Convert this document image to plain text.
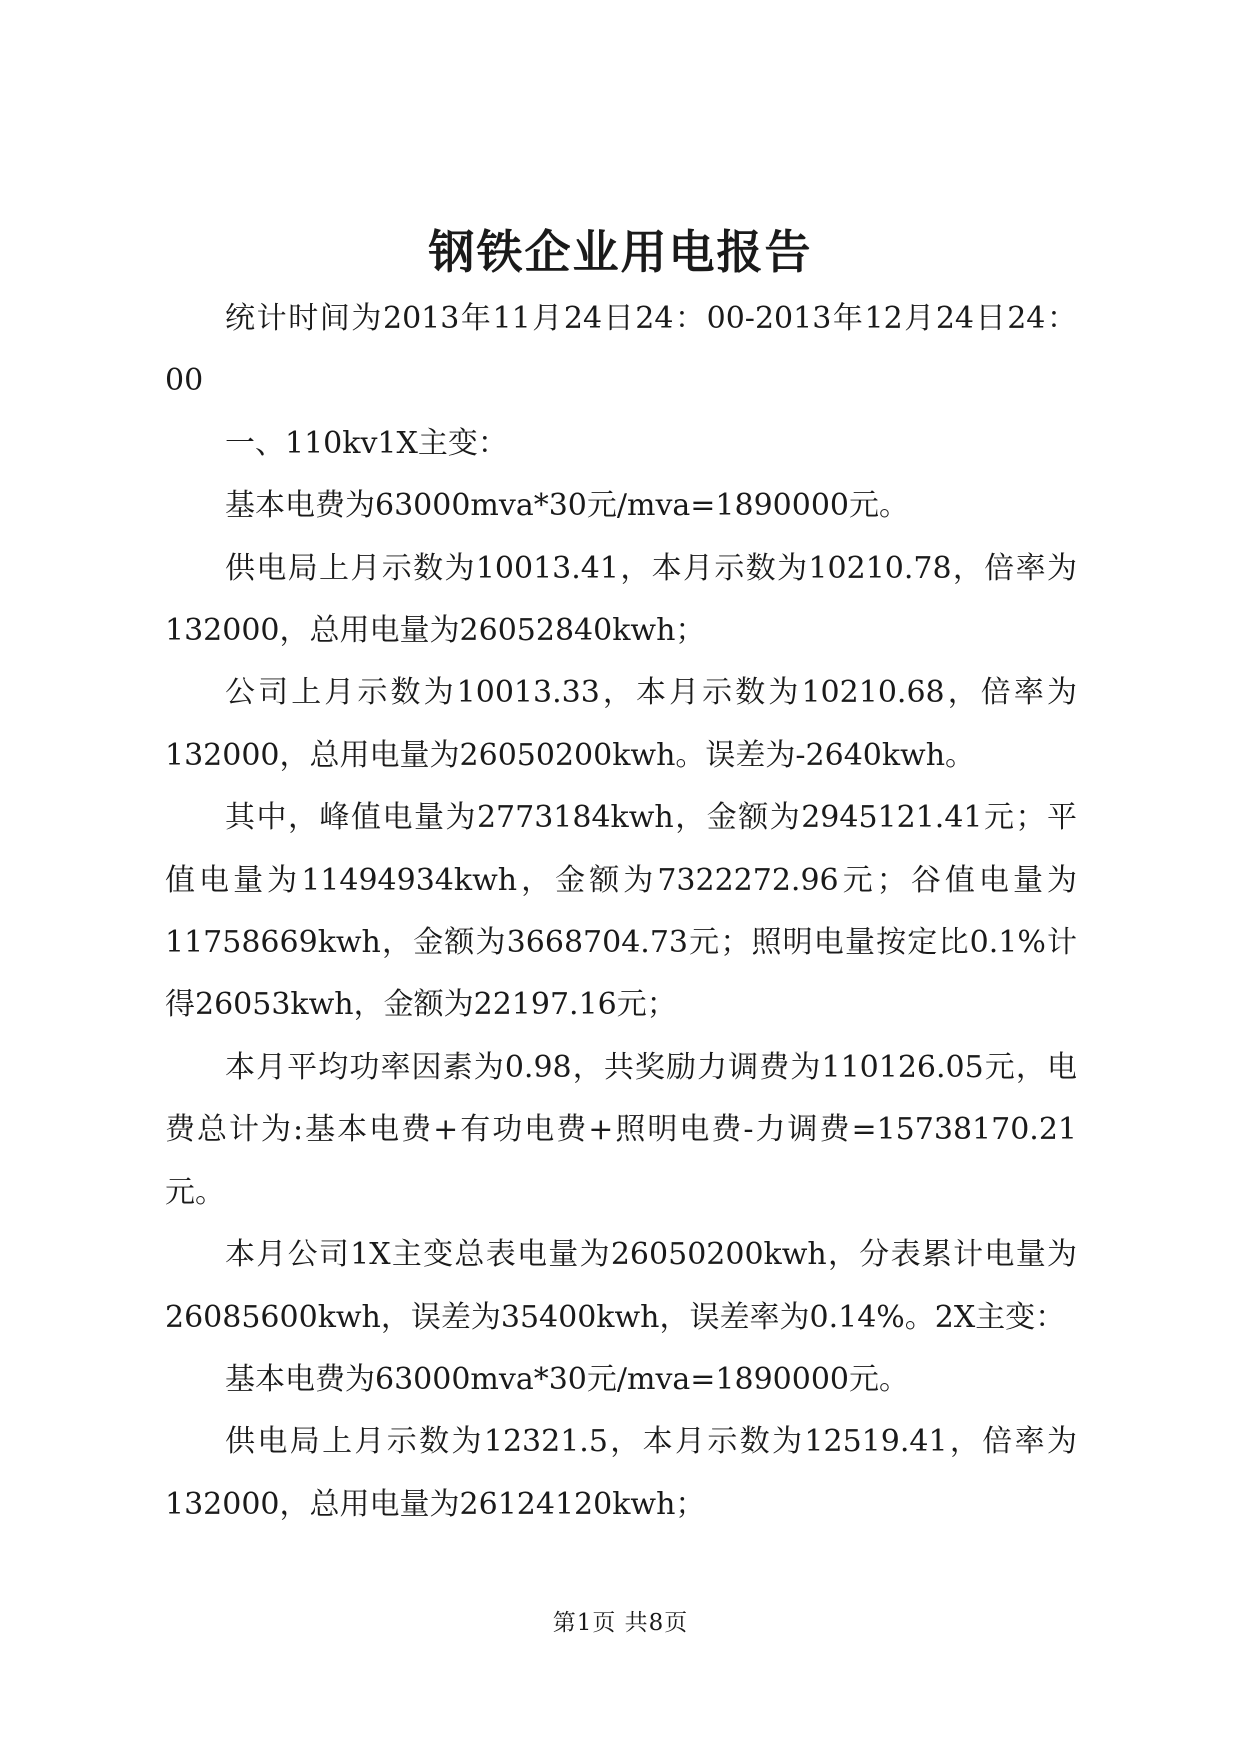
钢铁企业用电报告

统计时间为2013年11月24日24：00-2013年12月24日24：00

一、110kv1X主变：

基本电费为63000mva*30元/mva=1890000元。

供电局上月示数为10013.41，本月示数为10210.78，倍率为132000，总用电量为26052840kwh；

公司上月示数为10013.33，本月示数为10210.68，倍率为132000，总用电量为26050200kwh。误差为-2640kwh。

其中，峰值电量为2773184kwh，金额为2945121.41元；平值电量为11494934kwh，金额为7322272.96元；谷值电量为11758669kwh，金额为3668704.73元；照明电量按定比0.1%计得26053kwh，金额为22197.16元；

本月平均功率因素为0.98，共奖励力调费为110126.05元，电费总计为:基本电费+有功电费+照明电费-力调费=15738170.21元。

本月公司1X主变总表电量为26050200kwh，分表累计电量为26085600kwh，误差为35400kwh，误差率为0.14%。2X主变：

基本电费为63000mva*30元/mva=1890000元。

供电局上月示数为12321.5，本月示数为12519.41，倍率为132000，总用电量为26124120kwh；

第1页 共8页
